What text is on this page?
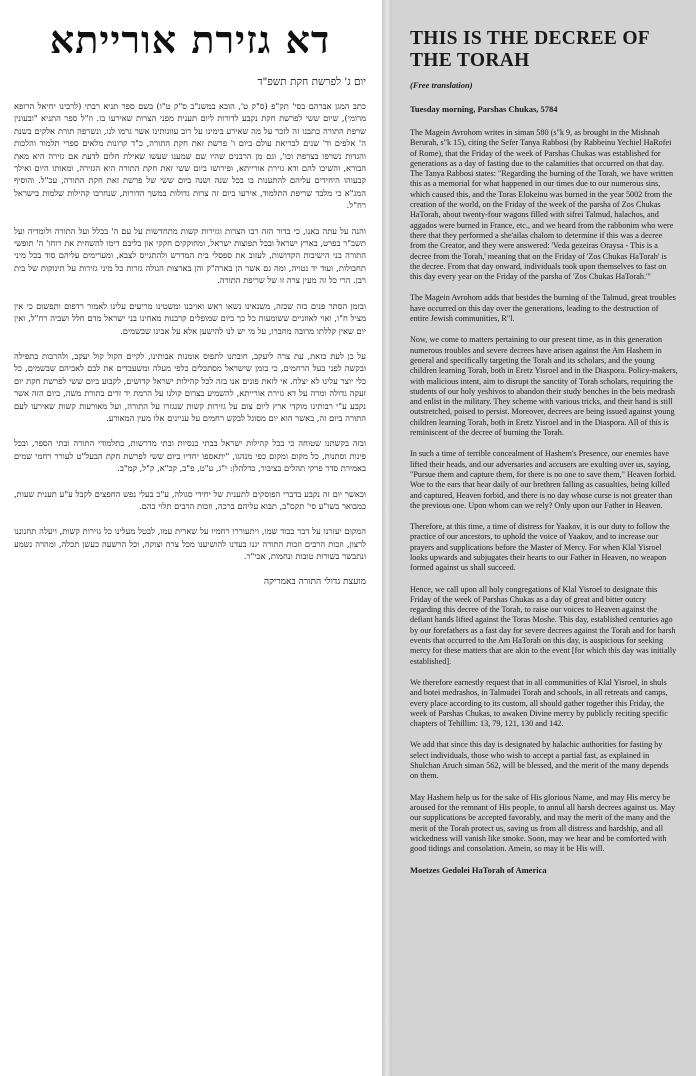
דא גזירת אורייתא
יום ג' לפרשת חקת תשפ"ד

כתב המגן אברהם בסי' תק"פ (ס"ק ט', הובא במשנ"ב ס"ק ט"ו) בשם ספר תניא רבתי (לרבינו יחיאל הרופא מרומי), שיום ששי לפרשת חקת נקבע לדורות ליום תענית מפני הצרות שאירעו בו. וז"ל ספר התניא "ובעונין שרפת התורה כתבנו זה לזכר על מה שאירע בימינו על רוב עוונותינו אשר גרמו לנו, ונשרפה תורת אלקים בשנת ה' אלפים וד' שנים לבריאת עולם ביום ו' פרשת זאת חקת התורה, כ"ד קרונות מלאים ספרי תלמוד והלכות והגדות נשרפו בצרפת וכו', וגם מן הרבנים שהיו שם שמענו שעשו שאילת חלום לדעת אם גזירה היא מאת הבורא, והשיבו להם ודא גזירת אורייתא, ופירושו ביום ששי זאת חקת התורה היא הגזירה, ומאותו היום ואילך קבעוהו היחידים עליהם להתענות בו בכל שנה ושנה ביום ששי של פרשת זאת חקת התורה, עכ"ל. והוסיף המג"א כי מלבד שריפת התלמוד, אירעו ביום זה צרות גדולות במשך הדורות, שנחרבו קהילות שלמות בישראל רח"ל.

והנה על עתה באנו, כי בדור הזה רבו הצרות וגזירות קשות מתחדשות על עם ה' בכלל ועל התורה ולומדיה ועל תשב"ר בפרט, בארץ ישראל ובכל תפוצות ישראל, ומחוקקים חקקי און בליבם דימו להשחית את רוחו' ה' תופשי התורה בני הישיבות הקדושות, לעזוב את ספסלי בית המדרש ולהתגייס לצבא, ומערימים עליהם סוד בכל מיני תחבולות, ועוד יד נטויה, ומה גם אשר הן בארה"ק והן בארצות הגולה גזרות כל מיני גזירות על תינוקות של בית רבן. הרי כל זה מעין צרה זו של שריפת התורה.

ובזמן הסתר פנים כזה שכזה, משנאינו נשאו ראש ואויבנו ומשטינו מריעים עלינו לאמור רדפום ותפשום כי אין מציל ח"ו, ואוי לאוזניים ששומעות כל כך ביום שמופלים קרבנות מאחינו בני ישראל מדם חלל ושביה רח"ל, ואין יום שאין קללתו מרובה מחברו, על מי יש לנו להישען אלא על אבינו שבשמים.

על כן לעת כזאת, עת צרה ליעקב, חובתנו לתפוס אומנות אבותינו, לקיים הקול קול יעקב, ולהרבות בתפילה ובקשה לפני בעל הרחמים, כי בזמן שישראל מסתכלים כלפי מעלה ומשעבדים את לבם לאביהם שבשמים, כל כלי יוצר עלינו לא יצלח. אי לזאת פונים אנו בזה לכל קהילות ישראל קדושים, לקבוע ביום ששי לפרשת חקת יום זעקה גדולה ומרה על דא גזירת אורייתא, להשמיע בצרום קולנו על הרמת יד זדים בתורת משה, ביום הזה אשר נקבע ע"י רבותינו מוקדי ארץ ליום צום על גזירות קשות שנגזרו על התורה, ועל מאורעות קשות שאירעו לעם התורה ביום זה, באשר הוא יום מסוגל לבקש רחמים על עניינים אלו מעין המאורע.

ובזה בקשתנו שטוחה כי בכל קהילות ישראל בבתי כנסיות ובתי מדרשות, בתלמודי התורה ובתי הספר, ובכל פינות וסתנות, כל מקום ומקום כפי מנהגו, "יתאספו יחדיו ביום ששי לפרשת חקת הבעל"ט לעורר רחמי שמים באמירת סדר פרקי תהלים בציבור, כדלהלן: י"ג, ע"ט, פ"ב, קכ"א, ק"ל, קמ"ב.

וכאשר יום זה נקבע בדברי הפוסקים לתענית של יחידי סגולה, ע"כ בעלי נפש החפצים לקבל ע"ע תענית שעות, כמבואר בשו"ע סי' תקס"ב, תבוא עליהם ברכה, וזכות הרבים תלוי בהם.

המקום יעזרנו על דבר כבוד שמו, ויתעוררו רחמיו על שארית עמו, לבטל מעלינו כל גזירות קשות, ויעלה תחנוננו לרצון, וזכות הרבים וזכות התורה יגנו בעדנו להושיענו מכל צרה וצוקה, וכל הרשעה כעשן תכלה, ומהרה נשמע ונתבשר בשורות טובות ונחמות, אכי"ר.

מועצת גדולי התורה באמריקה
THIS IS THE DECREE OF
THE TORAH
(Free translation)
Tuesday morning, Parshas Chukas, 5784

The Magein Avrohom writes in siman 580 (s"k 9, as brought in the Mishnah Berurah, s"k 15), citing the Sefer Tanya Rabbosi (by Rabbeinu Yechiel HaRofei of Rome), that the Friday of the week of Parshas Chukas was established for generations as a day of fasting due to the calamities that occurred on that day. The Tanya Rabbosi states: "Regarding the burning of the Torah, we have written this as a memorial for what happened in our times due to our numerous sins, which caused this, and the Toras Elokeinu was burned in the year 5002 from the creation of the world, on the Friday of the week of the parsha of Zos Chukas HaTorah, about twenty-four wagons filled with sifrei Talmud, halachos, and aggados were burned in France, etc., and we heard from the rabbonim who were there that they performed a she'ailas chalom to determine if this was a decree from the Creator, and they were answered: 'Veda gezeiras Oraysa - This is a decree from the Torah,' meaning that on the Friday of 'Zos Chukas HaTorah' is the decree. From that day onward, individuals took upon themselves to fast on this day every year on the Friday of the parsha of 'Zos Chukas HaTorah.'"

The Magein Avrohom adds that besides the burning of the Talmud, great troubles have occurred on this day over the generations, leading to the destruction of entire Jewish communities, R"l.

Now, we come to matters pertaining to our present time, as in this generation numerous troubles and severe decrees have arisen against the Am Hashem in general and specifically targeting the Torah and its scholars, and the young children learning Torah, both in Eretz Yisroel and in the Diaspora. Policy-makers, with malicious intent, aim to disrupt the sanctity of Torah scholars, requiring the students of our holy yeshivos to abandon their study benches in the beis medrash and enlist in the military. They scheme with various tricks, and their hand is still outstretched, poised to persist. Moreover, decrees are being issued against young children learning Torah, both in Eretz Yisroel and in the Diaspora. All of this is reminiscent of the decree of burning the Torah.

In such a time of terrible concealment of Hashem's Presence, our enemies have lifted their heads, and our adversaries and accusers are exulting over us, saying, "Pursue them and capture them, for there is no one to save them," Heaven forbid. Woe to the ears that hear daily of our brethren falling as casualties, being killed and captured, Heaven forbid, and there is no day whose curse is not greater than the previous one. Upon whom can we rely? Only upon our Father in Heaven.

Therefore, at this time, a time of distress for Yaakov, it is our duty to follow the practice of our ancestors, to uphold the voice of Yaakov, and to increase our prayers and supplications before the Master of Mercy. For when Klal Yisroel looks upwards and subjugates their hearts to our Father in Heaven, no weapon formed against us shall succeed.

Hence, we call upon all holy congregations of Klal Yisroel to designate this Friday of the week of Parshas Chukas as a day of great and bitter outcry regarding this decree of the Torah, to raise our voices to Heaven against the defiant hands lifted against the Toras Moshe. This day, established centuries ago by our forefathers as a fast day for severe decrees against the Torah and for harsh events that occurred to the Am HaTorah on this day, is auspicious for seeking mercy for these matters that are akin to the event [for which this day was initially established].

We therefore earnestly request that in all communities of Klal Yisroel, in shuls and botei medrashos, in Talmudei Torah and schools, in all retreats and camps, every place according to its custom, all should gather together this Friday, the week of Parshas Chukas, to awaken Divine mercy by publicly reciting specific chapters of Tehillim: 13, 79, 121, 130 and 142.

We add that since this day is designated by halachic authorities for fasting by select individuals, those who wish to accept a partial fast, as explained in Shulchan Aruch siman 562, will be blessed, and the merit of the many depends on them.

May Hashem help us for the sake of His glorious Name, and may His mercy be aroused for the remnant of His people, to annul all harsh decrees against us. May our supplications be accepted favorably, and may the merit of the many and the merit of the Torah protect us, saving us from all distress and hardship, and all wickedness will vanish like smoke. Soon, may we hear and be comforted with good tidings and consolation. Amein, so may it be His will.

Moetzes Gedolei HaTorah of America
